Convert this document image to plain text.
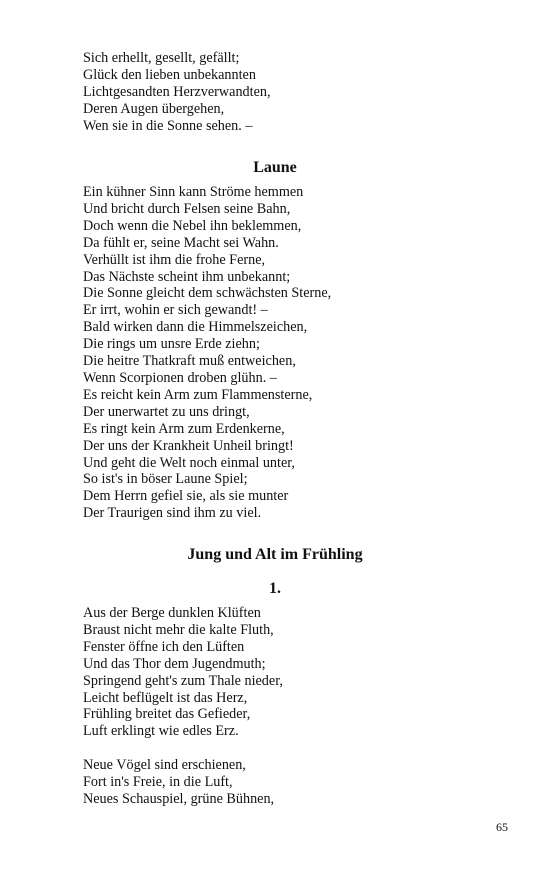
Sich erhellt, gesellt, gefällt;
Glück den lieben unbekannten
Lichtgesandten Herzverwandten,
Deren Augen übergehen,
Wen sie in die Sonne sehen. –
Laune
Ein kühner Sinn kann Ströme hemmen
Und bricht durch Felsen seine Bahn,
Doch wenn die Nebel ihn beklemmen,
Da fühlt er, seine Macht sei Wahn.
Verhüllt ist ihm die frohe Ferne,
Das Nächste scheint ihm unbekannt;
Die Sonne gleicht dem schwächsten Sterne,
Er irrt, wohin er sich gewandt! –
Bald wirken dann die Himmelszeichen,
Die rings um unsre Erde ziehn;
Die heitre Thatkraft muß entweichen,
Wenn Scorpionen droben glühn. –
Es reicht kein Arm zum Flammensterne,
Der unerwartet zu uns dringt,
Es ringt kein Arm zum Erdenkerne,
Der uns der Krankheit Unheil bringt!
Und geht die Welt noch einmal unter,
So ist's in böser Laune Spiel;
Dem Herrn gefiel sie, als sie munter
Der Traurigen sind ihm zu viel.
Jung und Alt im Frühling
1.
Aus der Berge dunklen Klüften
Braust nicht mehr die kalte Fluth,
Fenster öffne ich den Lüften
Und das Thor dem Jugendmuth;
Springend geht's zum Thale nieder,
Leicht beflügelt ist das Herz,
Frühling breitet das Gefieder,
Luft erklingt wie edles Erz.
Neue Vögel sind erschienen,
Fort in's Freie, in die Luft,
Neues Schauspiel, grüne Bühnen,
65
